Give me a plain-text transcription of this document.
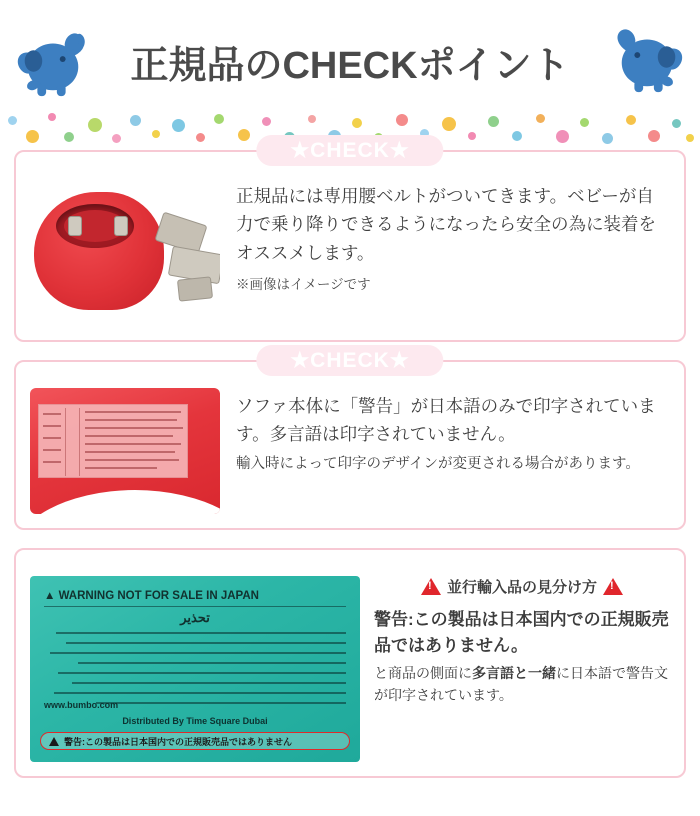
正規品のCHECKポイント
★CHECK★
正規品には専用腰ベルトがついてきます。ベビーが自力で乗り降りできるようになったら安全の為に装着をオススメします。
※画像はイメージです
★CHECK★
ソファ本体に「警告」が日本語のみで印字されています。多言語は印字されていません。
輸入時によって印字のデザインが変更される場合があります。
▲ WARNING NOT FOR SALE IN JAPAN
تحذير
www.bumbo.com
Distributed By Time Square Dubai
警告:この製品は日本国内での正規販売品ではありません
!
並行輸入品の見分け方
!
警告:この製品は日本国内での正規販売品ではありません。
と商品の側面に多言語と一緒に日本語で警告文が印字されています。
